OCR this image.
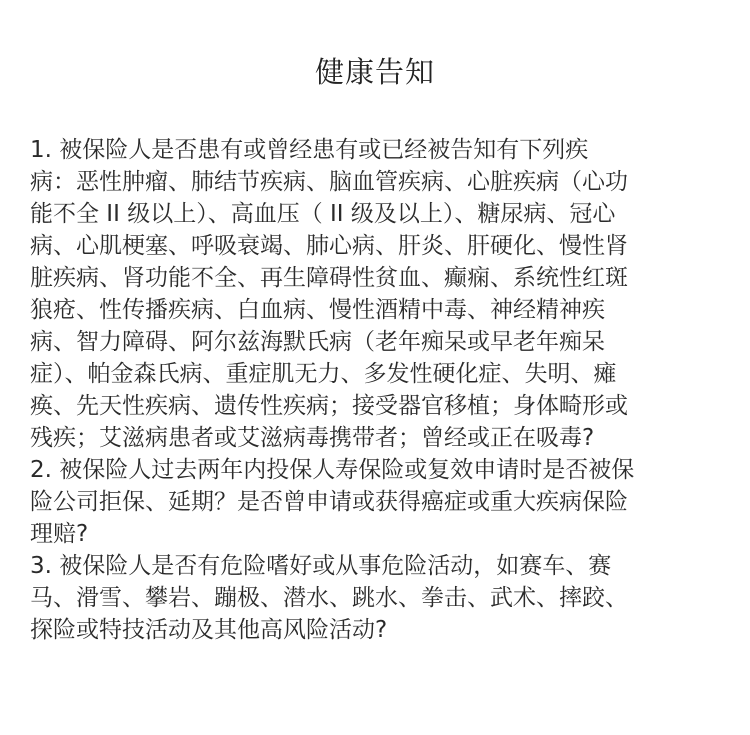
健康告知
1. 被保险人是否患有或曾经患有或已经被告知有下列疾
病：恶性肿瘤、肺结节疾病、脑血管疾病、心脏疾病（心功
能不全 II 级以上）、高血压（ II 级及以上）、糖尿病、冠心
病、心肌梗塞、呼吸衰竭、肺心病、肝炎、肝硬化、慢性肾
脏疾病、肾功能不全、再生障碍性贫血、癫痫、系统性红斑
狼疮、性传播疾病、白血病、慢性酒精中毒、神经精神疾
病、智力障碍、阿尔兹海默氏病（老年痴呆或早老年痴呆
症）、帕金森氏病、重症肌无力、多发性硬化症、失明、瘫
痪、先天性疾病、遗传性疾病；接受器官移植；身体畸形或
残疾；艾滋病患者或艾滋病毒携带者；曾经或正在吸毒?
2. 被保险人过去两年内投保人寿保险或复效申请时是否被保
险公司拒保、延期？是否曾申请或获得癌症或重大疾病保险
理赔?
3. 被保险人是否有危险嗜好或从事危险活动，如赛车、赛
马、滑雪、攀岩、蹦极、潜水、跳水、拳击、武术、摔跤、
探险或特技活动及其他高风险活动?
